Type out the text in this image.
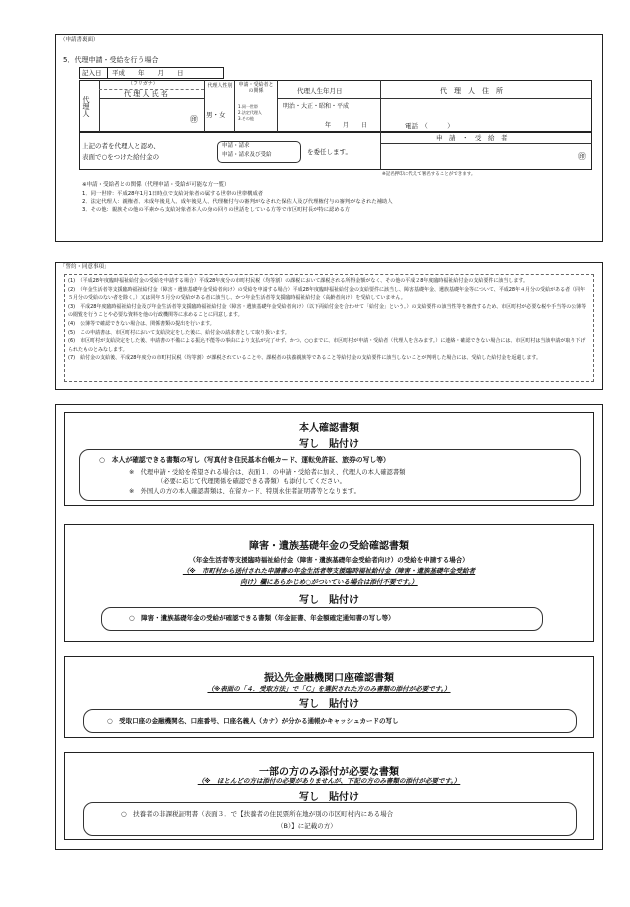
（申請書裏面）
5．代理申請・受給を行う場合
記入日 平成　　年　　月　　日
代理人
（フリガナ）
代 理 人 氏 名
㊞
代理人性別
男・女
申請・受給者との関係
1.同一世帯
2.法定代理人
3.その他
代理人生年月日
明治・大正・昭和・平成
年　　月　　日
代　理　人　住　所
電話　（　　　）
上記の者を代理人と認め、
表面で○をつけた給付金の
申請・請求
申請・請求及び受給	を委任します。
申　請　・　受　給　者
㊞
※記名押印に代えて署名することができます。
※申請・受給者との関係（代理申請・受給が可能な方一覧）
1．同一世帯：平成28年1月1日時点で支給対象者の属する世帯の世帯構成者
2．法定代理人：親権者、未成年後見人、成年後見人、代理権付与の審判がなされた保佐人及び代理権付与の審判がなされた補助人
3．その他：親族その他の平素から支給対象者本人の身の回りの世話をしている方等で市区町村長が特に認める方
「誓約・同意事項」

(1)　（平成28年度臨時福祉給付金の受給を申請する場合）平成28年度分の市町村民税（均等割）の課税において課税される所得金額がなく、その他の平成２8年度臨時福祉給付金の支給要件に該当します。

(2)　（年金生活者等支援臨時福祉給付金（障害・遺族基礎年金受給者向け）の受給を申請する場合）平成28年度臨時福祉給付金の支給要件に該当し、障害基礎年金、遺族基礎年金等について、平成28年４月分の受給がある者（同年５月分の受給のない者を除く。）又は同年５月分の受給がある者に該当し、かつ年金生活者等支援臨時福祉給付金（高齢者向け）を受給していません。

(3)　平成28年度臨時福祉給付金及び年金生活者等支援臨時福祉給付金（障害・遺族基礎年金受給者向け）（以下両給付金を合わせて「給付金」という。）の支給要件の該当性等を審査するため、市区町村が必要な税や手当等の公簿等の閲覧を行うことや必要な資料を他の行政機関等に求めることに同意します。

(4)　公簿等で確認できない場合は、関係書類の提出を行います。

(5)　この申請書は、市区町村において支給決定をした後に、給付金の請求書として取り扱います。

(6)　市区町村が支給決定をした後、申請書の不備による振込不能等の事由により支払が完了せず、かつ、○○までに、市区町村が申請・受給者（代理人を含みます。）に連絡・確認できない場合には、市区町村は当該申請が取り下げられたものとみなします。

(7)　給付金の支給後、平成28年度分の市町村民税（均等割）が課税されていることや、課税者の扶養親族等であること等給付金の支給要件に該当しないことが判明した場合には、受給した給付金を返還します。

本人確認書類
写し　貼付け
○　本人が確認できる書類の写し（写真付き住民基本台帳カード、運転免許証、旅券の写し等）
※　代理申請・受給を希望される場合は、表面１．の申請・受給者に加え、代理人の本人確認書類
（必要に応じて代理関係を確認できる書類）も添付してください。
※　外国人の方の本人確認書類は、在留カード、特別永住者証明書等となります。
障害・遺族基礎年金の受給確認書類
（年金生活者等支援臨時福祉給付金（障害・遺族基礎年金受給者向け）の受給を申請する場合）
（※　市町村から送付された申請書の年金生活者等支援臨時福祉給付金（障害・遺族基礎年金受給者
向け）欄にあらかじめ○がついている場合は添付不要です。）
写し　貼付け
○　障害・遺族基礎年金の受給が確認できる書類（年金証書、年金額確定通知書の写し等）
振込先金融機関口座確認書類
（※表面の「４．受取方法」で「Ｃ」を選択された方のみ書類の添付が必要です。）
写し　貼付け
○　受取口座の金融機関名、口座番号、口座名義人（カナ）が分かる通帳かキャッシュカードの写し
一部の方のみ添付が必要な書類
（※　ほとんどの方は添付の必要がありませんが、下記の方のみ書類の添付が必要です。）
写し　貼付け
○　扶養者の非課税証明書（表面３．で【扶養者の住民票所在地が別の市区町村内にある場合
（B）】に記載の方）
